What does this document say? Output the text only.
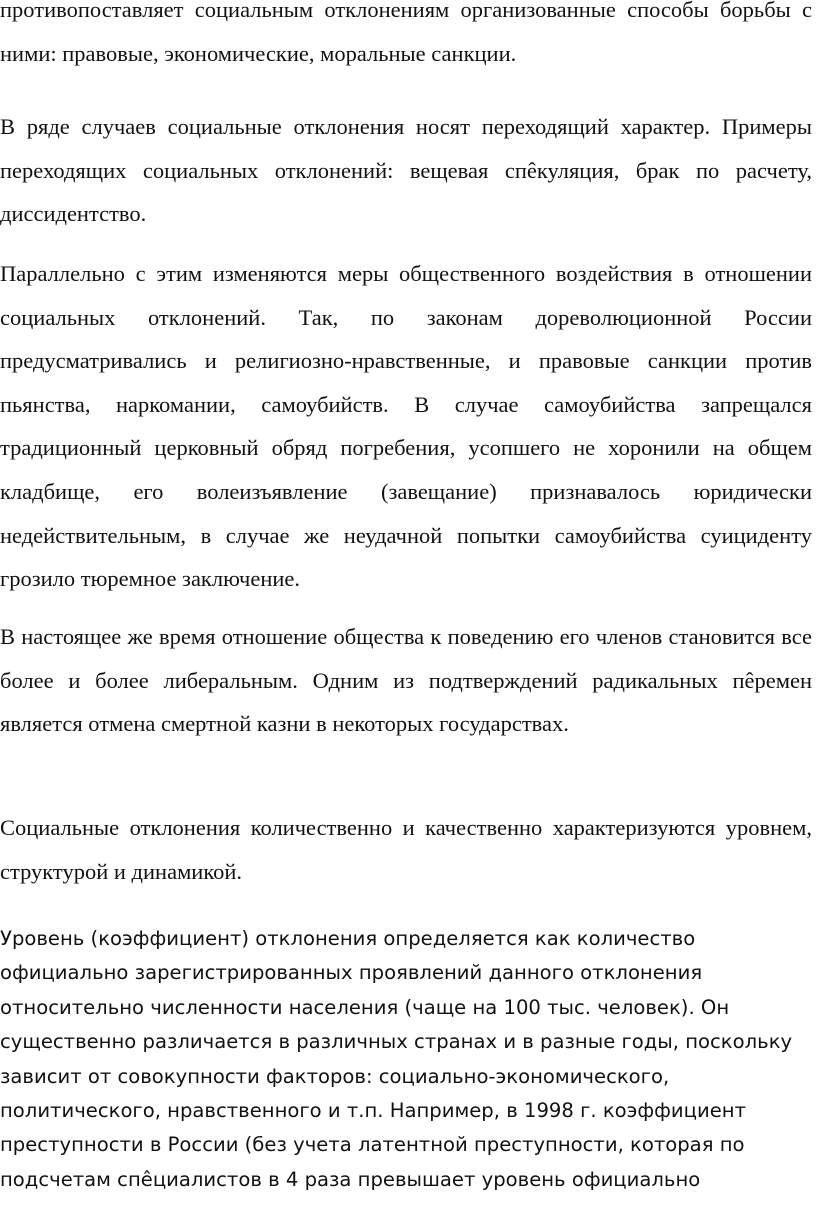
противопоставляет социальным отклонениям организованные способы борьбы с ними: правовые, экономические, моральные санкции.

В ряде случаев социальные отклонения носят переходящий характер. Примеры переходящих социальных отклонений: вещевая спêкуляция, брак по расчету, диссидентство.

Параллельно с этим изменяются меры общественного воздействия в отношении социальных отклонений. Так, по законам дореволюционной России предусматривались и религиозно-нравственные, и правовые санкции против пьянства, наркомании, самоубийств. В случае самоубийства запрещался традиционный церковный обряд погребения, усопшего не хоронили на общем кладбище, его волеизъявление (завещание) признавалось юридически недействительным, в случае же неудачной попытки самоубийства суициденту грозило тюремное заключение.

В настоящее же время отношение общества к поведению его членов становится все более и более либеральным. Одним из подтверждений радикальных пêремен является отмена смертной казни в некоторых государствах.

Социальные отклонения количественно и качественно характеризуются уровнем, структурой и динамикой.

Уровень (коэффициент) отклонения определяется как количество официально зарегистрированных проявлений данного отклонения относительно численности населения (чаще на 100 тыс. человек). Он существенно различается в различных странах и в разные годы, поскольку зависит от совокупности факторов: социально-экономического, политического, нравственного и т.п. Например, в 1998 г. коэффициент преступности в России (без учета латентной преступности, которая по подсчетам спêциалистов в 4 раза превышает уровень официально
